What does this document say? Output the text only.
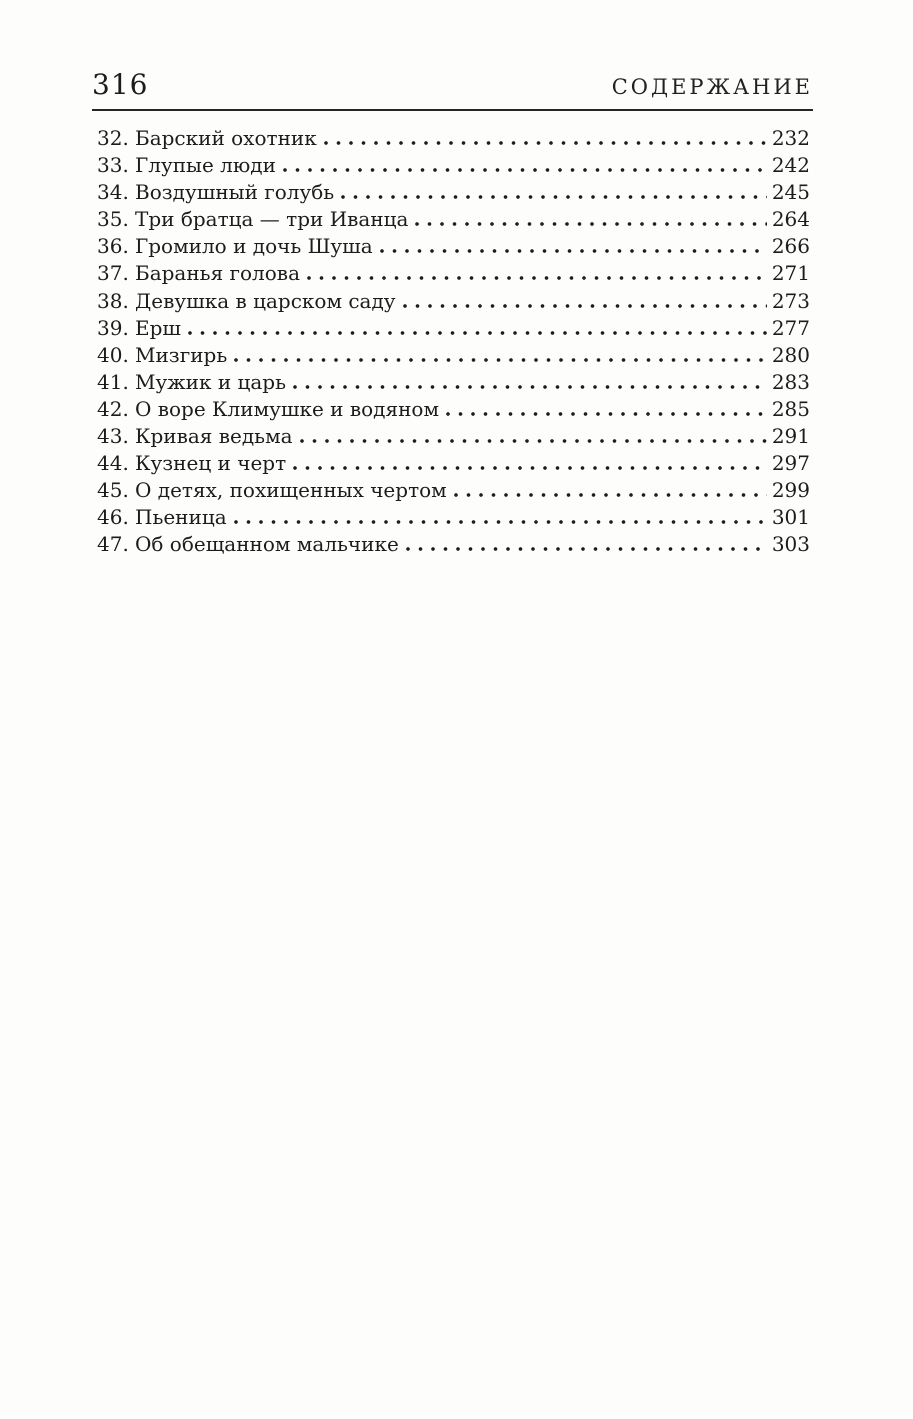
316	СОДЕРЖАНИЕ
32. Барский охотник	232
33. Глупые люди	242
34. Воздушный голубь	245
35. Три братца — три Иванца	264
36. Громило и дочь Шуша	266
37. Баранья голова	271
38. Девушка в царском саду	273
39. Ерш	277
40. Мизгирь	280
41. Мужик и царь	283
42. О воре Климушке и водяном	285
43. Кривая ведьма	291
44. Кузнец и черт	297
45. О детях, похищенных чертом	299
46. Пьеница	301
47. Об обещанном мальчике	303
